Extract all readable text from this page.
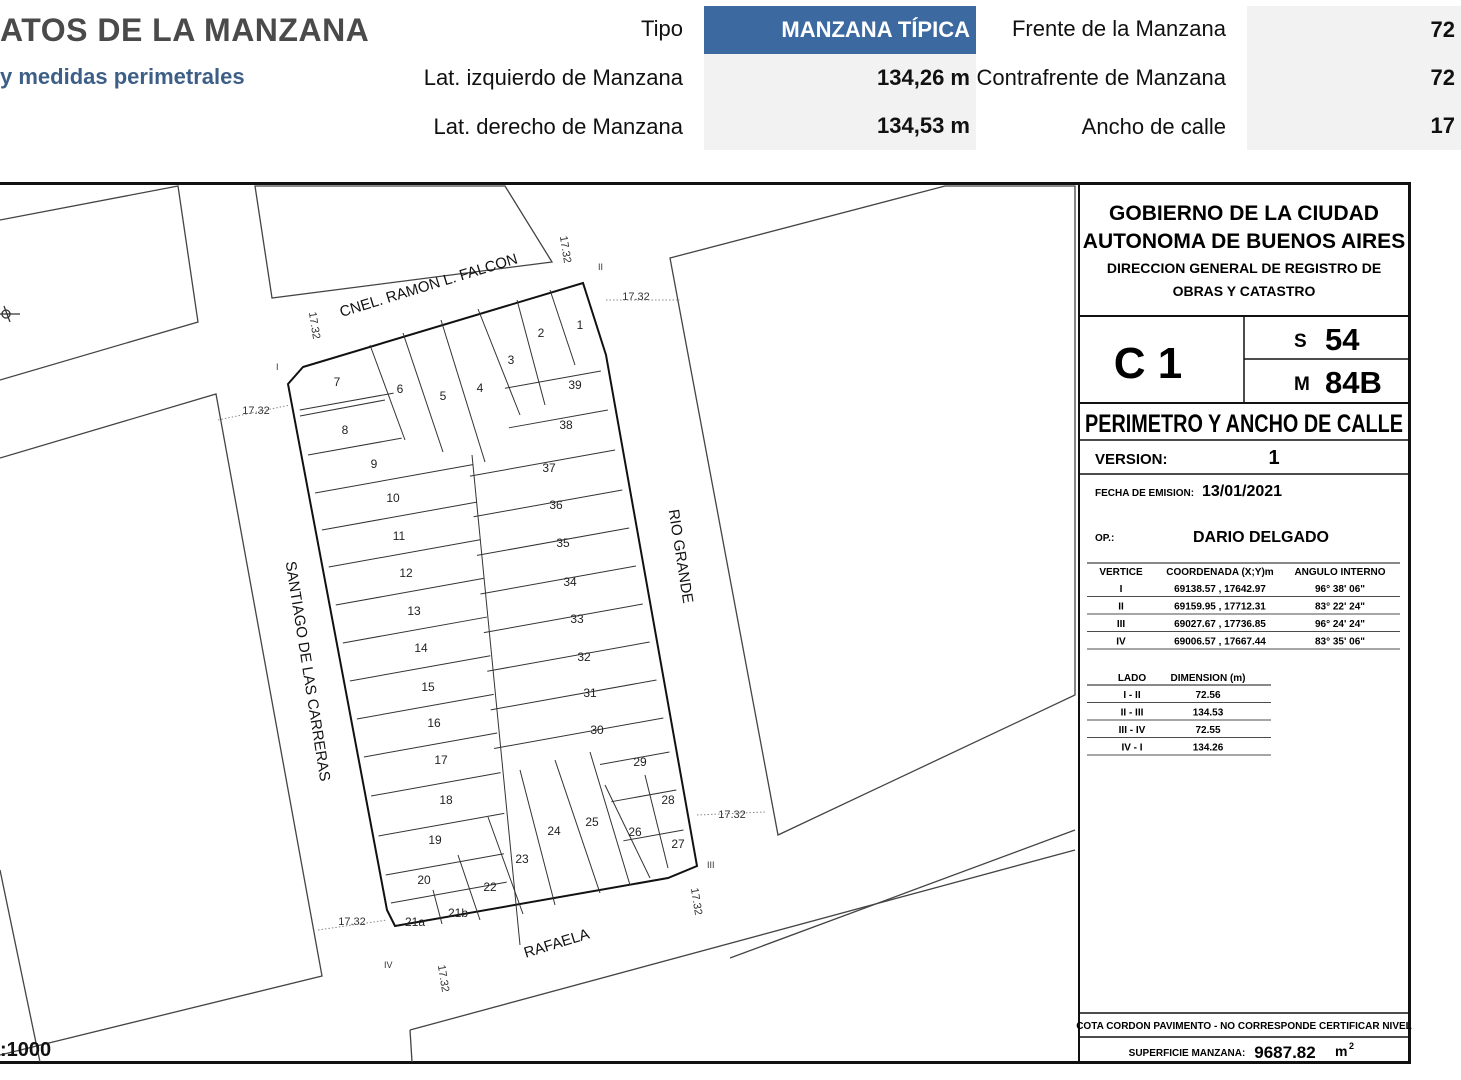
ATOS DE LA MANZANA
y medidas perimetrales
Tipo	MANZANA TÍPICA Frente de la Manzana	72
Lat. izquierdo de Manzana	134,26 m Contrafrente de Manzana	72
Lat. derecho de Manzana	134,53 m	Ancho de calle	17
7
8
9
10
11
12
13
14
15
16
17
18
19
20
21a
39
38
37
36
35
34
33
32
31
30
29
28
27
6	5
4
3
2
1
21b
22
23
24
25
26
CNEL. RAMON L. FALCON
RIO GRANDE
RAFAELA
SANTIAGO DE LAS CARRERAS
17.32
17.32
17.32
17.32
17.32
17.32
17.32
17.32
I
II
III
IV
:1000
GOBIERNO DE LA CIUDAD
AUTONOMA DE BUENOS AIRES
DIRECCION GENERAL DE REGISTRO DE
OBRAS Y CATASTRO
C 1	S 54
M 84B
PERIMETRO Y ANCHO DE CALLE
VERSION:	1
FECHA DE EMISION: 13/01/2021
OP.:	DARIO DELGADO
VERTICE COORDENADA (X;Y)m ANGULO INTERNO
I	69138.57 , 17642.97	96° 38' 06"
II	69159.95 , 17712.31	83° 22' 24"
III	69027.67 , 17736.85	96° 24' 24"
IV	69006.57 , 17667.44	83° 35' 06"
LADO DIMENSION (m)
I - II	72.56
II - III	134.53
III - IV	72.55
IV - I	134.26
COTA CORDON PAVIMENTO - NO CORRESPONDE CERTIFICAR NIVEL
SUPERFICIE MANZANA: 9687.82 m 2
